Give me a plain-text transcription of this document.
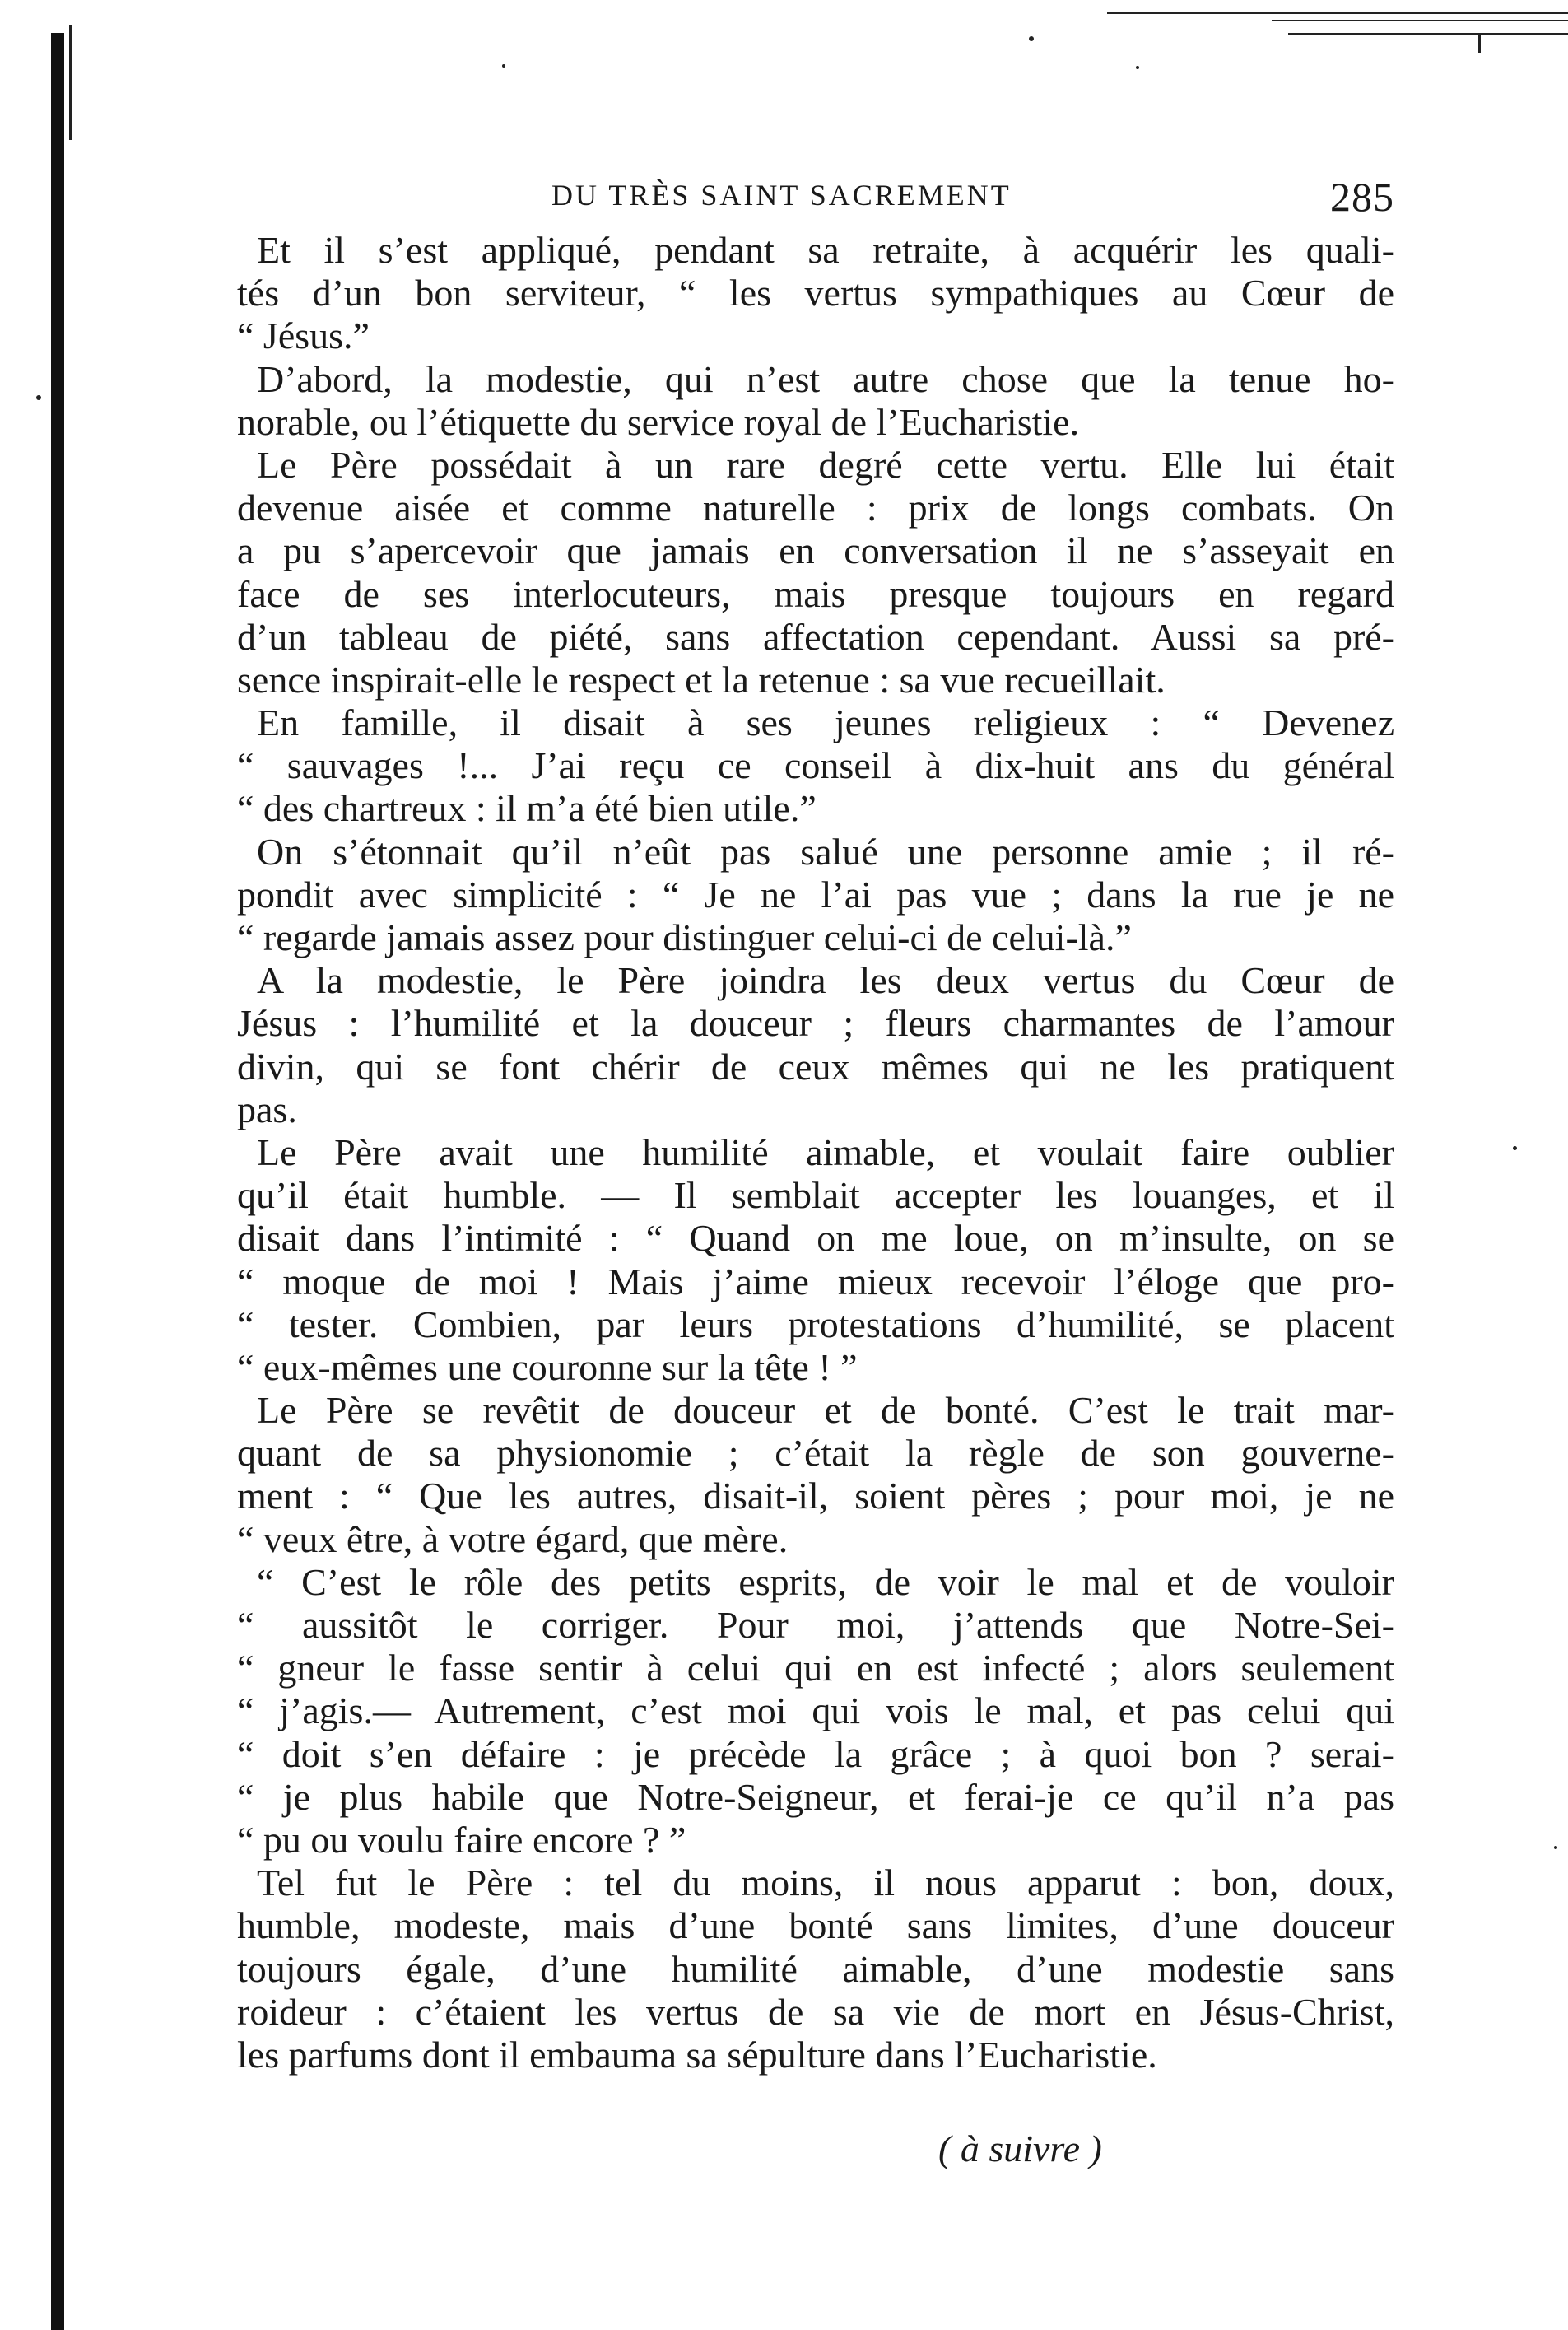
DU TRÈS SAINT SACREMENT	285
Et il s’est appliqué, pendant sa retraite, à acquérir les quali-
tés d’un bon serviteur, “ les vertus sympathiques au Cœur de
“ Jésus.”
D’abord, la modestie, qui n’est autre chose que la tenue ho-
norable, ou l’étiquette du service royal de l’Eucharistie.
Le Père possédait à un rare degré cette vertu. Elle lui était
devenue aisée et comme naturelle : prix de longs combats. On
a pu s’apercevoir que jamais en conversation il ne s’asseyait en
face de ses interlocuteurs, mais presque toujours en regard
d’un tableau de piété, sans affectation cependant. Aussi sa pré-
sence inspirait-elle le respect et la retenue : sa vue recueillait.
En famille, il disait à ses jeunes religieux : “ Devenez
“ sauvages !... J’ai reçu ce conseil à dix-huit ans du général
“ des chartreux : il m’a été bien utile.”
On s’étonnait qu’il n’eût pas salué une personne amie ; il ré-
pondit avec simplicité : “ Je ne l’ai pas vue ; dans la rue je ne
“ regarde jamais assez pour distinguer celui-ci de celui-là.”
A la modestie, le Père joindra les deux vertus du Cœur de
Jésus : l’humilité et la douceur ; fleurs charmantes de l’amour
divin, qui se font chérir de ceux mêmes qui ne les pratiquent
pas.
Le Père avait une humilité aimable, et voulait faire oublier
qu’il était humble. — Il semblait accepter les louanges, et il
disait dans l’intimité : “ Quand on me loue, on m’insulte, on se
“ moque de moi ! Mais j’aime mieux recevoir l’éloge que pro-
“ tester. Combien, par leurs protestations d’humilité, se placent
“ eux-mêmes une couronne sur la tête ! ”
Le Père se revêtit de douceur et de bonté. C’est le trait mar-
quant de sa physionomie ; c’était la règle de son gouverne-
ment : “ Que les autres, disait-il, soient pères ; pour moi, je ne
“ veux être, à votre égard, que mère.
“ C’est le rôle des petits esprits, de voir le mal et de vouloir
“ aussitôt le corriger. Pour moi, j’attends que Notre-Sei-
“ gneur le fasse sentir à celui qui en est infecté ; alors seulement
“ j’agis.— Autrement, c’est moi qui vois le mal, et pas celui qui
“ doit s’en défaire : je précède la grâce ; à quoi bon ? serai-
“ je plus habile que Notre-Seigneur, et ferai-je ce qu’il n’a pas
“ pu ou voulu faire encore ? ”
Tel fut le Père : tel du moins, il nous apparut : bon, doux,
humble, modeste, mais d’une bonté sans limites, d’une douceur
toujours égale, d’une humilité aimable, d’une modestie sans
roideur : c’étaient les vertus de sa vie de mort en Jésus-Christ,
les parfums dont il embauma sa sépulture dans l’Eucharistie.
( à suivre )
